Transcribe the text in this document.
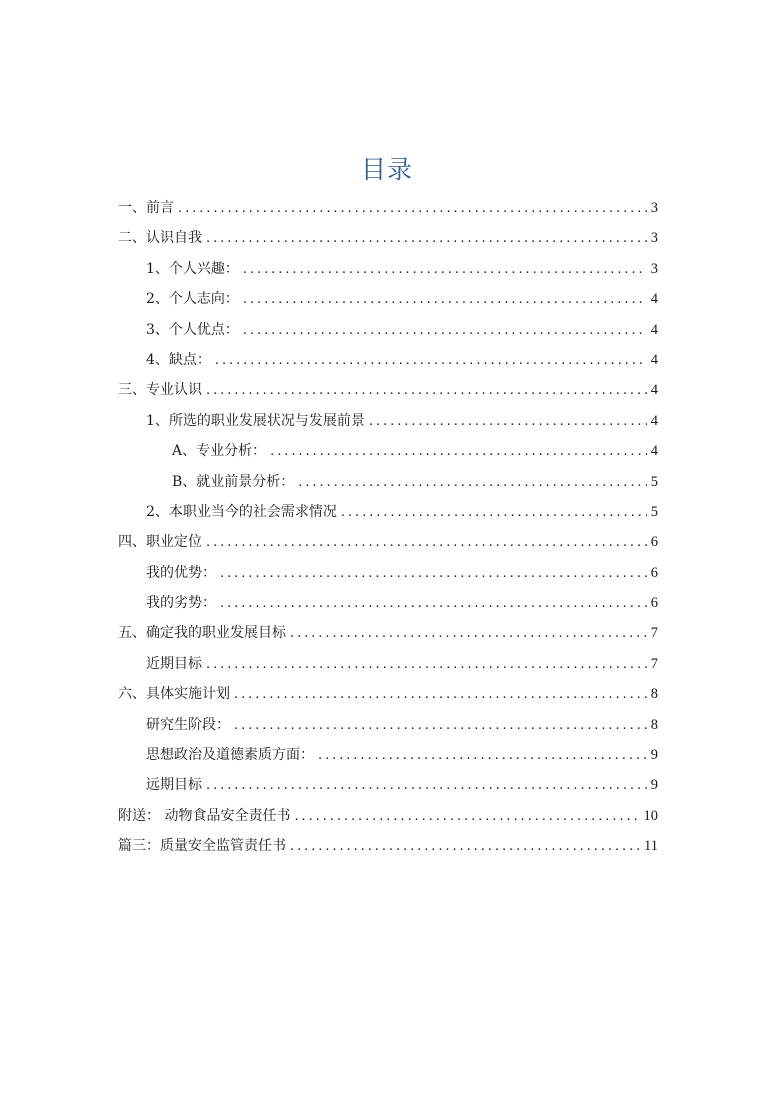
目录
一、前言 . . .	3
二、认识自我 . . .	3
1、个人兴趣： . . .	3
2、个人志向： . . .	4
3、个人优点： . . .	4
4、缺点： . . .	4
三、专业认识 . . .	4
1、所选的职业发展状况与发展前景 . . .	4
A、专业分析： . . .	4
B、就业前景分析： . . .	5
2、本职业当今的社会需求情况 . . .	5
四、职业定位 . . .	6
我的优势： . . .	6
我的劣势： . . .	6
五、确定我的职业发展目标 . . .	7
近期目标 . . .	7
六、具体实施计划 . . .	8
研究生阶段： . . .	8
思想政治及道德素质方面： . . .	9
远期目标 . . .	9
附送： 动物食品安全责任书 . . .	10
篇三：质量安全监管责任书 . . .	11
